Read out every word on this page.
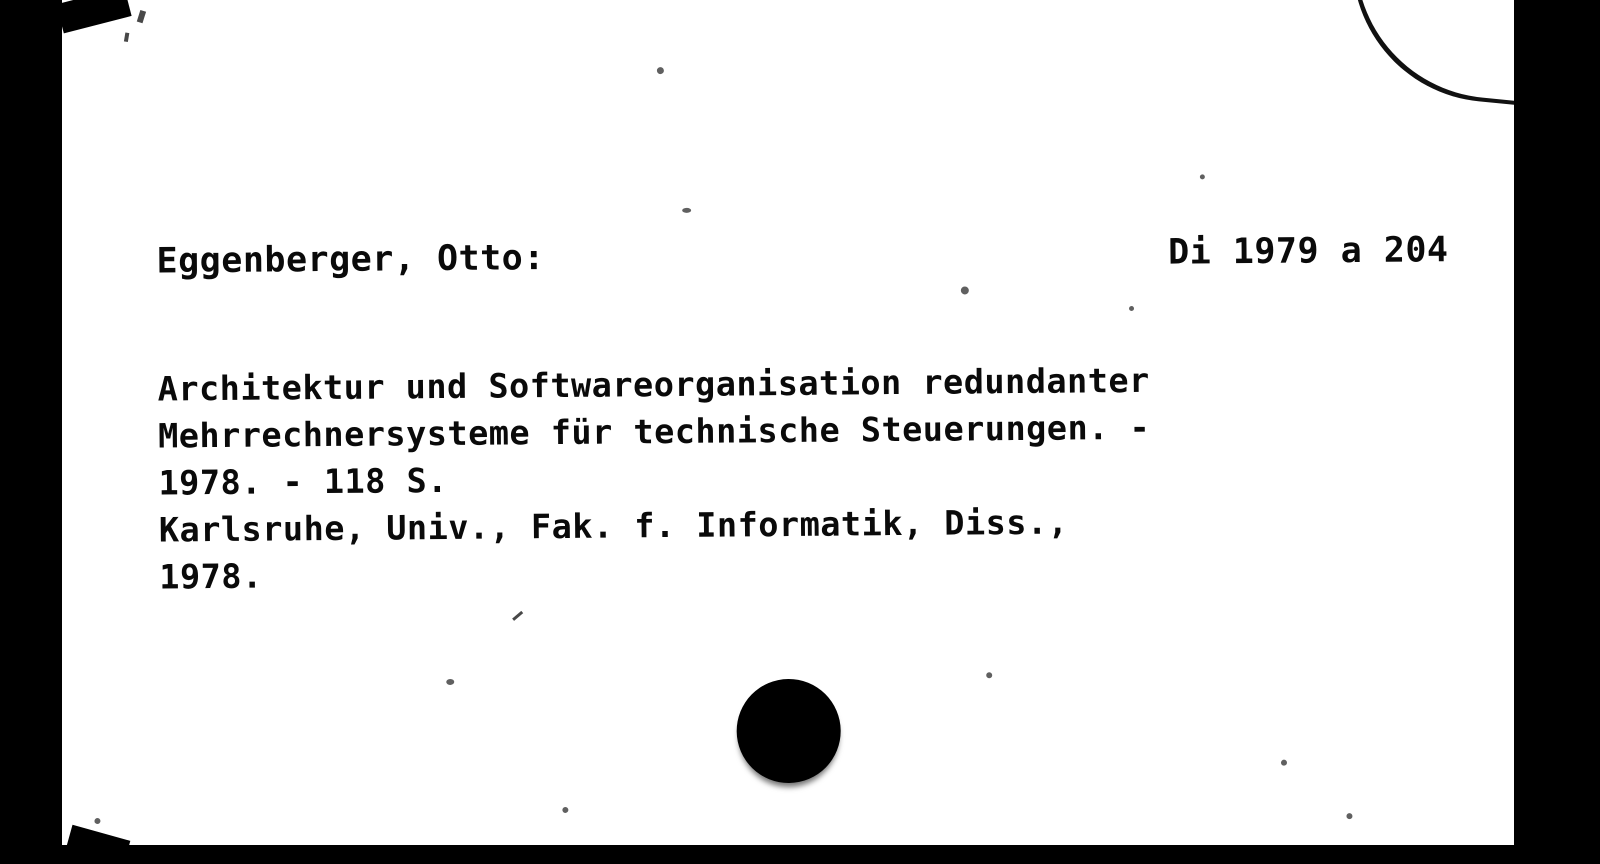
Eggenberger, Otto:	Di 1979 a 204
Architektur und Softwareorganisation redundanter
Mehrrechnersysteme für technische Steuerungen. -
1978. - 118 S.
Karlsruhe, Univ., Fak. f. Informatik, Diss.,
1978.
